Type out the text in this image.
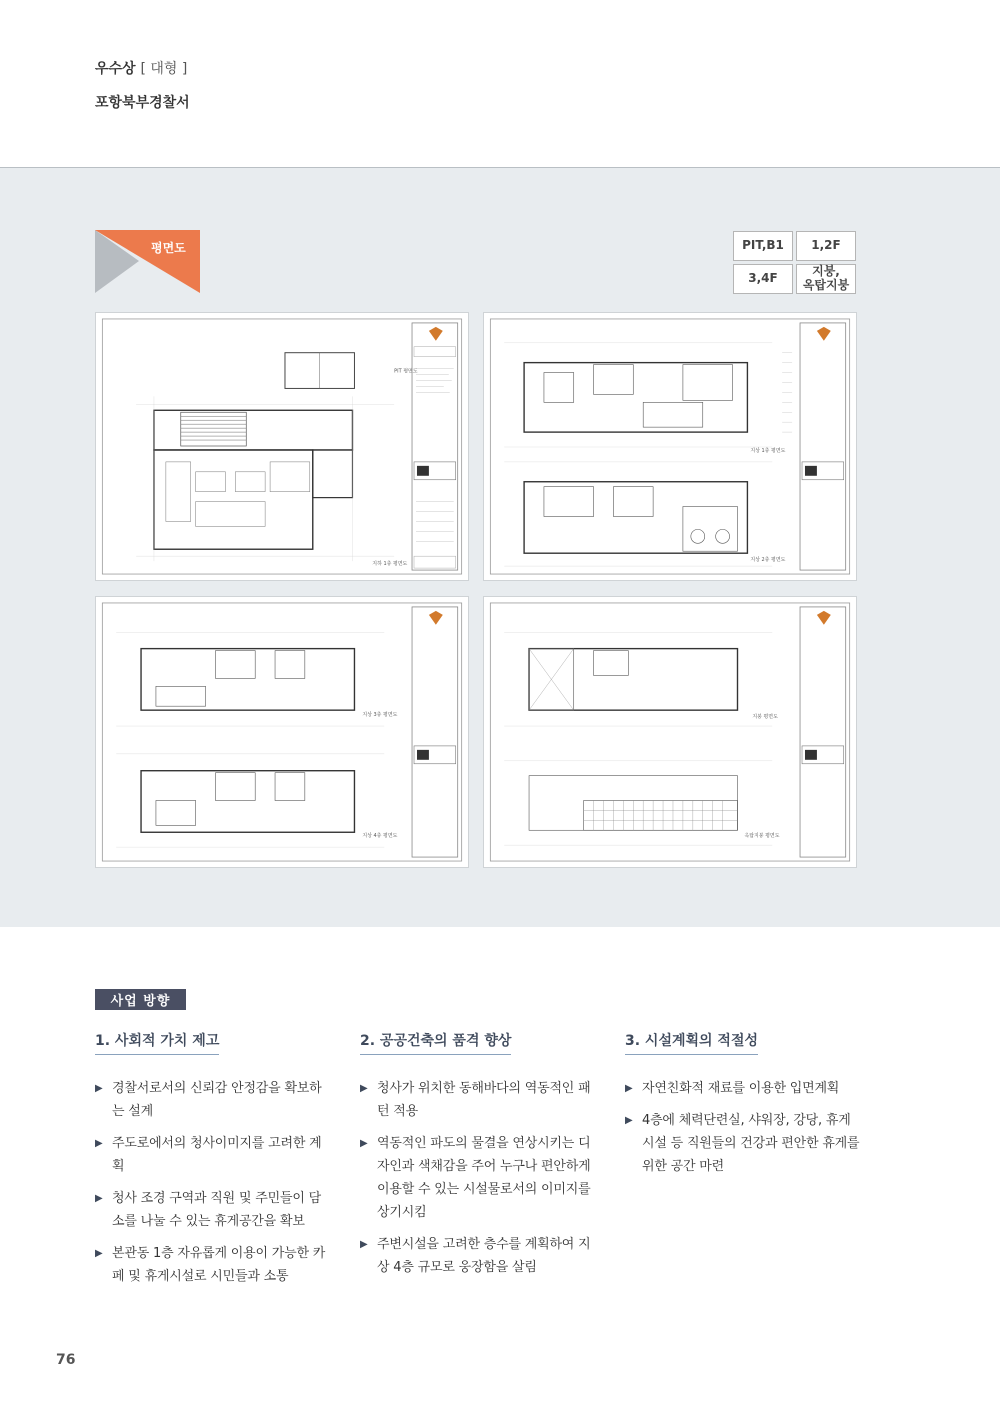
우수상 [ 대형 ]
포항북부경찰서
평면도	PIT,B1	1,2F
3,4F	지붕,
옥탑지붕
PIT 평면도
지하 1층 평면도
지상 1층 평면도
지상 2층 평면도
지상 3층 평면도
지상 4층 평면도
지붕 평면도
옥탑지붕 평면도
사업 방향
1. 사회적 가치 제고
▶ 경찰서로서의 신뢰감 안정감을 확보하는 설계
▶ 주도로에서의 청사이미지를 고려한 계획
▶ 청사 조경 구역과 직원 및 주민들이 담소를 나눌 수 있는 휴게공간을 확보
▶ 본관동 1층 자유롭게 이용이 가능한 카페 및 휴게시설로 시민들과 소통
2. 공공건축의 품격 향상
▶ 청사가 위치한 동해바다의 역동적인 패턴 적용
▶ 역동적인 파도의 물결을 연상시키는 디자인과 색채감을 주어 누구나 편안하게 이용할 수 있는 시설물로서의 이미지를 상기시킴
▶ 주변시설을 고려한 층수를 계획하여 지상 4층 규모로 웅장함을 살림
3. 시설계획의 적절성
▶ 자연친화적 재료를 이용한 입면계획
▶ 4층에 체력단련실, 샤워장, 강당, 휴게시설 등 직원들의 건강과 편안한 휴게를 위한 공간 마련
76
